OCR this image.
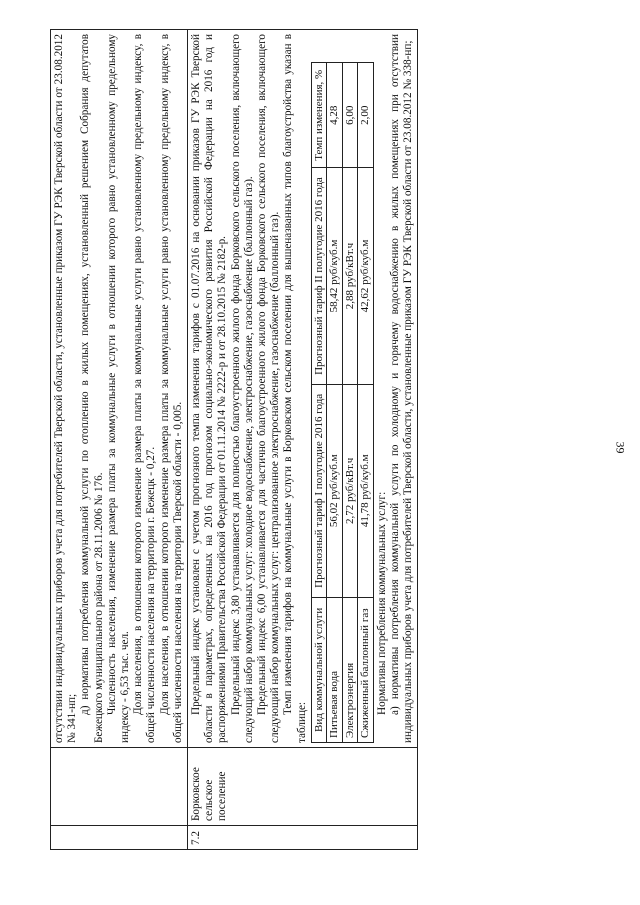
39

отсутствии индивидуальных приборов учета для потребителей Тверской области, установленные приказом ГУ РЭК Тверской области от 23.08.2012 № 341-нп;

д) нормативы потребления коммунальной услуги по отоплению в жилых помещениях, установленный решением Собрания депутатов Бежецкого муниципального района от 28.11.2006 № 176. Численность населения, изменение размера платы за коммунальные услуги в отношении которого равно установленному предельному индексу - 6,53 тыс. чел. Доля населения, в отношении которого изменение размера платы за коммунальные услуги равно установленному предельному индексу, в общей численности населения на территории г. Бежецк - 0,27. Доля населения, в отношении которого изменение размера платы за коммунальные услуги равно установленному предельному индексу, в общей численности населения на территории Тверской области - 0,005.

7.2	Борковское сельское поселение	

Предельный индекс установлен с учетом прогнозного темпа изменения тарифов с 01.07.2016 на основании приказов ГУ РЭК Тверской области в параметрах, определенных на 2016 год прогнозом социально-экономического развития Российской Федерации на 2016 год и распоряжениями Правительства Российской Федерации от 01.11.2014 № 2222-р и от 28.10.2015 № 2182-р. Предельный индекс 3,80 устанавливается для полностью благоустроенного жилого фонда Борковского сельского поселения, включающего следующий набор коммунальных услуг: холодное водоснабжение, электроснабжение, газоснабжение (баллонный газ). Предельный индекс 6,00 устанавливается для частично благоустроенного жилого фонда Борковского сельского поселения, включающего следующий набор коммунальных услуг: централизованное электроснабжение, газоснабжение (баллонный газ). Темп изменения тарифов на коммунальные услуги в Борковском сельском поселении для вышеназванных типов благоустройства указан в таблице: Вид коммунальной услуги	Прогнозный тариф I полугодие 2016 года	Прогнозный тариф II полугодие 2016 года	Темп изменения, %
Питьевая вода	56,02 руб/куб.м	58,42 руб/куб.м	4,28
Электроэнергия	2,72 руб/кВт.ч	2,88 руб/кВт.ч	6,00
Сжиженный баллонный газ	41,78 руб/куб.м	42,62 руб/куб.м	2,00

Нормативы потребления коммунальных услуг: а) нормативы потребления коммунальной услуги по холодному и горячему водоснабжению в жилых помещениях при отсутствии индивидуальных приборов учета для потребителей Тверской области, установленные приказом ГУ РЭК Тверской области от 23.08.2012 № 338-нп;
